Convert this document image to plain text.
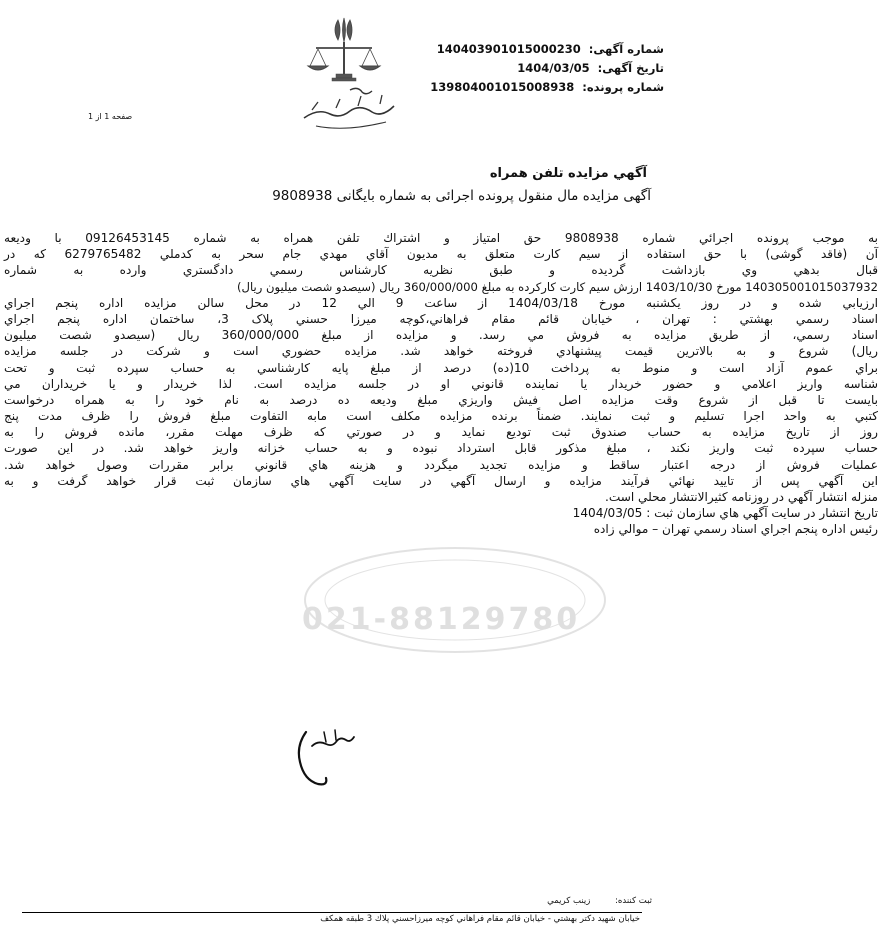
شماره آگهی: 140403901015000230
تاریخ آگهی: 1404/03/05
شماره پرونده: 139804001015008938
صفحه 1 از 1
آگهي مزايده تلفن همراه
آگهی مزایده مال منقول پرونده اجرائی به شماره بایگانی 9808938
021-88129780
به موجب پرونده اجرائي شماره 9808938 حق امتياز و اشتراك تلفن همراه به شماره 09126453145 با وديعه
آن (فاقد گوشی) با حق استفاده از سيم كارت متعلق به مديون آقاي مهدي جام سحر به كدملي 6279765482 كه در
قبال بدهي وي بازداشت گرديده و طبق نظريه كارشناس رسمي دادگستري وارده به شماره
14030500101503793‌2 مورخ 1403/10/30 ارزش سيم كارت كاركرده به مبلغ 360/000/000 ريال (سيصدو شصت ميليون ريال)
ارزيابي شده و در روز يكشنبه مورخ 1404/03/18 از ساعت 9 الي 12 در محل سالن مزايده اداره پنجم اجراي
اسناد رسمي بهشتي : تهران ، خيابان قائم مقام فراهاني،كوچه ميرزا حسني پلاک 3، ساختمان اداره پنجم اجراي
اسناد رسمي، از طريق مزايده به فروش مي رسد. و مزايده از مبلغ 360/000/000 ريال (سيصدو شصت ميليون
ريال) شروع و به بالاترين قيمت پيشنهادي فروخته خواهد شد. مزايده حضوري است و شركت در جلسه مزايده
براي عموم آزاد است و منوط به پرداخت 10(ده) درصد از مبلغ پايه كارشناسي به حساب سپرده ثبت و تحت
شناسه واريز اعلامي و حضور خريدار يا نماينده قانوني او در جلسه مزايده است. لذا خريدار و يا خريداران مي
بايست تا قبل از شروع وقت مزايده اصل فيش واريزي مبلغ وديعه ده درصد به نام خود را به همراه درخواست
كتبي به واحد اجرا تسليم و ثبت نمايند. ضمناً برنده مزايده مكلف است مابه التفاوت مبلغ فروش را ظرف مدت پنج
روز از تاريخ مزايده به حساب صندوق ثبت توديع نمايد و در صورتي كه ظرف مهلت مقرر، مانده فروش را به
حساب سپرده ثبت واريز نكند ، مبلغ مذكور قابل استرداد نبوده و به حساب خزانه واريز خواهد شد. در اين صورت
عمليات فروش از درجه اعتبار ساقط و مزايده تجديد ميگردد و هزينه هاي قانوني برابر مقررات وصول خواهد شد.
اين آگهي پس از تاييد نهائي فرآيند مزايده و ارسال آگهي در سايت آگهي هاي سازمان ثبت قرار خواهد گرفت و به
منزله انتشار آگهي در روزنامه كثيرالانتشار محلي است.
تاريخ انتشار در سايت آگهي هاي سازمان ثبت : 1404/03/05
رئيس اداره پنجم اجراي اسناد رسمي تهران – موالي زاده
ثبت كننده: زينب كريمي
خيابان شهيد دكتر بهشتي - خيابان قائم مقام فراهاني كوچه ميرزاحسني پلاك 3 طبقه همكف
